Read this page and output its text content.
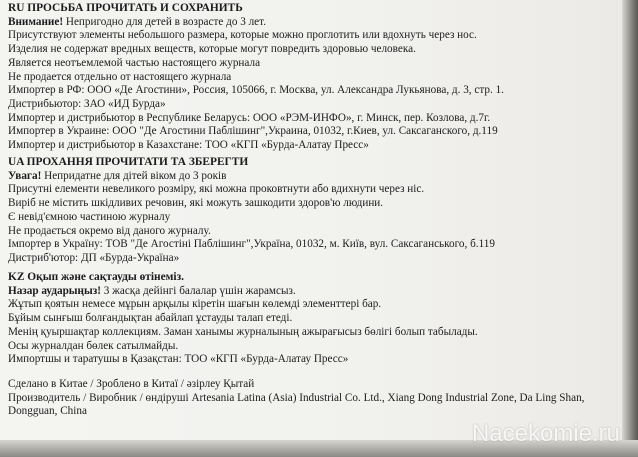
RU ПРОСЬБА ПРОЧИТАТЬ И СОХРАНИТЬ
Внимание! Непригодно для детей в возрасте до 3 лет.
Присутствуют элементы небольшого размера, которые можно проглотить или вдохнуть через нос.
Изделия не содержат вредных веществ, которые могут повредить здоровью человека.
Является неотъемлемой частью настоящего журнала
Не продается отдельно от настоящего журнала
Импортер в РФ: ООО «Де Агостини», Россия, 105066, г. Москва, ул. Александра Лукьянова, д. 3, стр. 1.
Дистрибьютор: ЗАО «ИД Бурда»
Импортер и дистрибьютор в Республике Беларусь: ООО «РЭМ-ИНФО», г. Минск, пер. Козлова, д.7г.
Импортер в Украине: ООО "Де Агостини Паблішинг",Украина, 01032, г.Киев, ул. Саксаганского, д.119
Импортер и дистрибьютор в Казахстане: ТОО «КГП «Бурда-Алатау Пресс»
UA ПРОХАННЯ ПРОЧИТАТИ ТА ЗБЕРЕГТИ
Увага! Непридатне для дітей віком до 3 років
Присутні елементи невеликого розміру, які можна проковтнути або вдихнути через ніс.
Виріб не містить шкідливих речовин, які можуть зашкодити здоров'ю людини.
Є невід'ємною частиною журналу
Не продається окремо від даного журналу.
Імпортер в Україну: ТОВ "Де Агостіні Паблішинг",Україна, 01032, м. Київ, вул. Саксаганського, б.119
Дистриб'ютор: ДП «Бурда-Україна»
KZ Оқып және сақтауды өтінеміз.
Назар аударыңыз! 3 жасқа дейінгі балалар үшін жарамсыз.
Жұтып қоятын немесе мұрын арқылы кіретін шағын көлемді элементтері бар.
Бұйым сынғыш болғандықтан абайлап ұстауды талап етеді.
Менің қуыршақтар коллекциям. Заман ханымы журналының ажырағысыз бөлігі болып табылады.
Осы журналдан бөлек сатылмайды.
Импортшы и таратушы в Қазақстан: ТОО «КГП «Бурда-Алатау Пресс»
Сделано в Китае / Зроблено в Китаї / әзірлеу Қытай
Производитель / Виробник / өндіруші Artesania Latina (Asia) Industrial Co. Ltd., Xiang Dong Industrial Zone, Da Ling Shan,
Dongguan, China
Nacekomie.ru
